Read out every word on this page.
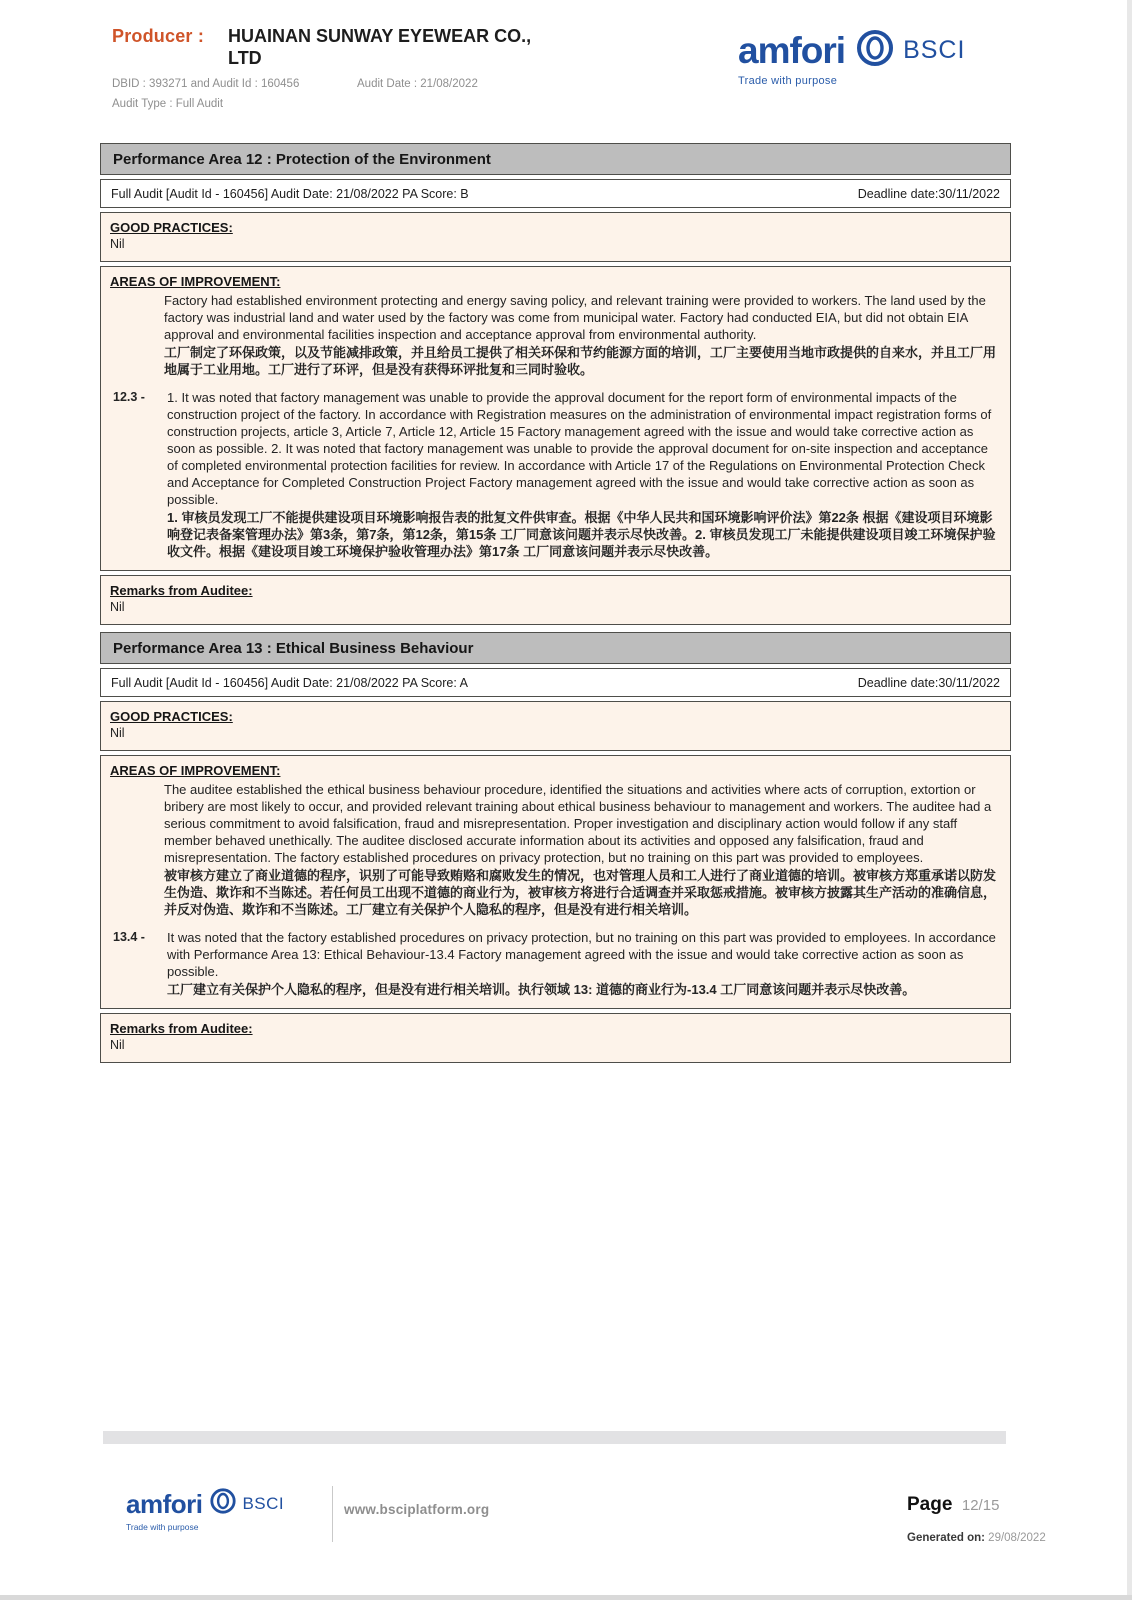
Producer : HUAINAN SUNWAY EYEWEAR CO.,
LTD
DBID : 393271 and Audit Id : 160456	Audit Date : 21/08/2022
Audit Type : Full Audit
amfori BSCI
Trade with purpose
Performance Area 12 : Protection of the Environment
Full Audit [Audit Id - 160456] Audit Date: 21/08/2022 PA Score: B	Deadline date:30/11/2022
GOOD PRACTICES:
Nil
AREAS OF IMPROVEMENT:
Factory had established environment protecting and energy saving policy, and relevant training were provided to workers. The land used by the factory was industrial land and water used by the factory was come from municipal water. Factory had conducted EIA, but did not obtain EIA approval and environmental facilities inspection and acceptance approval from environmental authority.
工厂制定了环保政策，以及节能减排政策，并且给员工提供了相关环保和节约能源方面的培训，工厂主要使用当地市政提供的自来水，并且工厂用地属于工业用地。工厂进行了环评，但是没有获得环评批复和三同时验收。
12.3 -	1. It was noted that factory management was unable to provide the approval document for the report form of environmental impacts of the construction project of the factory. In accordance with Registration measures on the administration of environmental impact registration forms of construction projects, article 3, Article 7, Article 12, Article 15 Factory management agreed with the issue and would take corrective action as soon as possible. 2. It was noted that factory management was unable to provide the approval document for on-site inspection and acceptance of completed environmental protection facilities for review. In accordance with Article 17 of the Regulations on Environmental Protection Check and Acceptance for Completed Construction Project Factory management agreed with the issue and would take corrective action as soon as possible.
1. 审核员发现工厂不能提供建设项目环境影响报告表的批复文件供审查。根据《中华人民共和国环境影响评价法》第22条 根据《建设项目环境影响登记表备案管理办法》第3条，第7条，第12条，第15条 工厂同意该问题并表示尽快改善。2. 审核员发现工厂未能提供建设项目竣工环境保护验收文件。根据《建设项目竣工环境保护验收管理办法》第17条 工厂同意该问题并表示尽快改善。
Remarks from Auditee:
Nil
Performance Area 13 : Ethical Business Behaviour
Full Audit [Audit Id - 160456] Audit Date: 21/08/2022 PA Score: A	Deadline date:30/11/2022
GOOD PRACTICES:
Nil
AREAS OF IMPROVEMENT:
The auditee established the ethical business behaviour procedure, identified the situations and activities where acts of corruption, extortion or bribery are most likely to occur, and provided relevant training about ethical business behaviour to management and workers. The auditee had a serious commitment to avoid falsification, fraud and misrepresentation. Proper investigation and disciplinary action would follow if any staff member behaved unethically. The auditee disclosed accurate information about its activities and opposed any falsification, fraud and misrepresentation. The factory established procedures on privacy protection, but no training on this part was provided to employees.
被审核方建立了商业道德的程序，识别了可能导致贿赂和腐败发生的情况，也对管理人员和工人进行了商业道德的培训。被审核方郑重承诺以防发生伪造、欺诈和不当陈述。若任何员工出现不道德的商业行为，被审核方将进行合适调查并采取惩戒措施。被审核方披露其生产活动的准确信息，并反对伪造、欺诈和不当陈述。工厂建立有关保护个人隐私的程序，但是没有进行相关培训。
13.4 -	It was noted that the factory established procedures on privacy protection, but no training on this part was provided to employees. In accordance with Performance Area 13: Ethical Behaviour-13.4 Factory management agreed with the issue and would take corrective action as soon as possible.
工厂建立有关保护个人隐私的程序，但是没有进行相关培训。执行领域 13: 道德的商业行为-13.4 工厂同意该问题并表示尽快改善。
Remarks from Auditee:
Nil
amfori BSCI
Trade with purpose
www.bsciplatform.org	Page 12/15
Generated on: 29/08/2022
